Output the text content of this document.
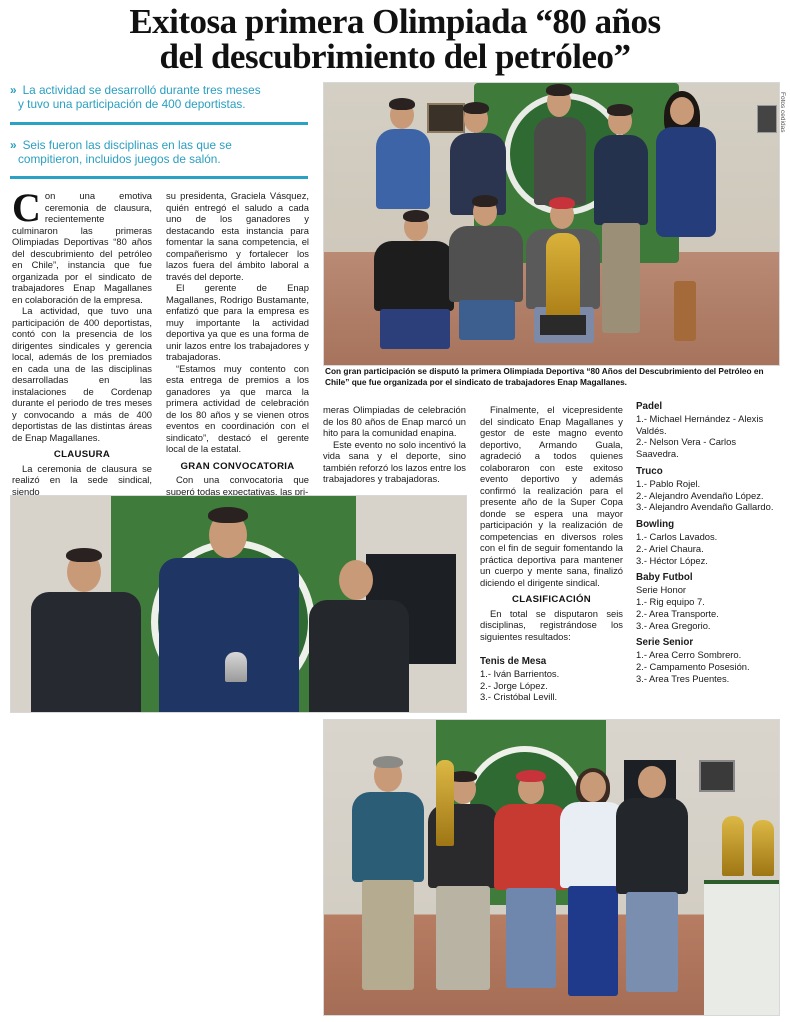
Exitosa primera Olimpiada “80 años
del descubrimiento del petróleo”
» La actividad se desarrolló durante tres meses
y tuvo una participación de 400 deportistas.
» Seis fueron las disciplinas en las que se
compitieron, incluidos juegos de salón.
C on una emotiva ceremonia de clausura, recientemente culminaron las primeras Olimpiadas Deportivas “80 años del descubrimiento del petróleo en Chile”, instancia que fue organizada por el sindicato de trabajadores Enap Magallanes en colaboración de la empresa.

La actividad, que tuvo una participación de 400 deportistas, contó con la presencia de los dirigentes sindicales y gerencia local, además de los premiados en cada una de las disciplinas desarrolladas en las instalaciones de Cordenap durante el periodo de tres meses y convocando a más de 400 deportistas de las distintas áreas de Enap Magallanes.

CLAUSURA

La ceremonia de clausura se realizó en la sede sindical, siendo

su presidenta, Graciela Vásquez, quién entregó el saludo a cada uno de los ganadores y destacando esta instancia para fomentar la sana competencia, el compañerismo y fortalecer los lazos fuera del ámbito laboral a través del deporte.

El gerente de Enap Magallanes, Rodrigo Bustamante, enfatizó que para la empresa es muy importante la actividad deportiva ya que es una forma de unir lazos entre los trabajadores y trabajadoras.

“Estamos muy contento con esta entrega de premios a los ganadores ya que marca la primera actividad de celebración de los 80 años y se vienen otros eventos en coordinación con el sindicato”, destacó el gerente local de la estatal.

GRAN CONVOCATORIA

Con una convocatoria que superó todas expectativas, las pri-

Fotos cedidas
Con gran participación se disputó la primera Olimpiada Deportiva “80 Años del Descubrimiento del Petróleo en Chile” que fue organizada por el sindicato de trabajadores Enap Magallanes.

meras Olimpiadas de celebración de los 80 años de Enap marcó un hito para la comunidad enapina.

Este evento no solo incentivó la vida sana y el deporte, sino también reforzó los lazos entre los trabajadores y trabajadoras.

Finalmente, el vicepresidente del sindicato Enap Magallanes y gestor de este magno evento deportivo, Armando Guala, agradeció a todos quienes colaboraron con este exitoso evento deportivo y además confirmó la realización para el presente año de la Super Copa donde se espera una mayor participación y la realización de competencias en diversos roles con el fin de seguir fomentando la práctica deportiva para mantener un cuerpo y mente sana, finalizó diciendo el dirigente sindical.

CLASIFICACIÓN

En total se disputaron seis disciplinas, registrándose los siguientes resultados:

Tenis de Mesa
1.- Iván Barrientos.
2.- Jorge López.
3.- Cristóbal Levill.
Padel
1.- Michael Hernández - Alexis Valdés.
2.- Nelson Vera - Carlos Saavedra.
Truco
1.- Pablo Rojel.
2.- Alejandro Avendaño López.
3.- Alejandro Avendaño Gallardo.
Bowling
1.- Carlos Lavados.
2.- Ariel Chaura.
3.- Héctor López.
Baby Futbol
Serie Honor
1.- Rig equipo 7.
2.- Area Transporte.
3.- Area Gregorio.
Serie Senior
1.- Area Cerro Sombrero.
2.- Campamento Posesión.
3.- Area Tres Puentes.
